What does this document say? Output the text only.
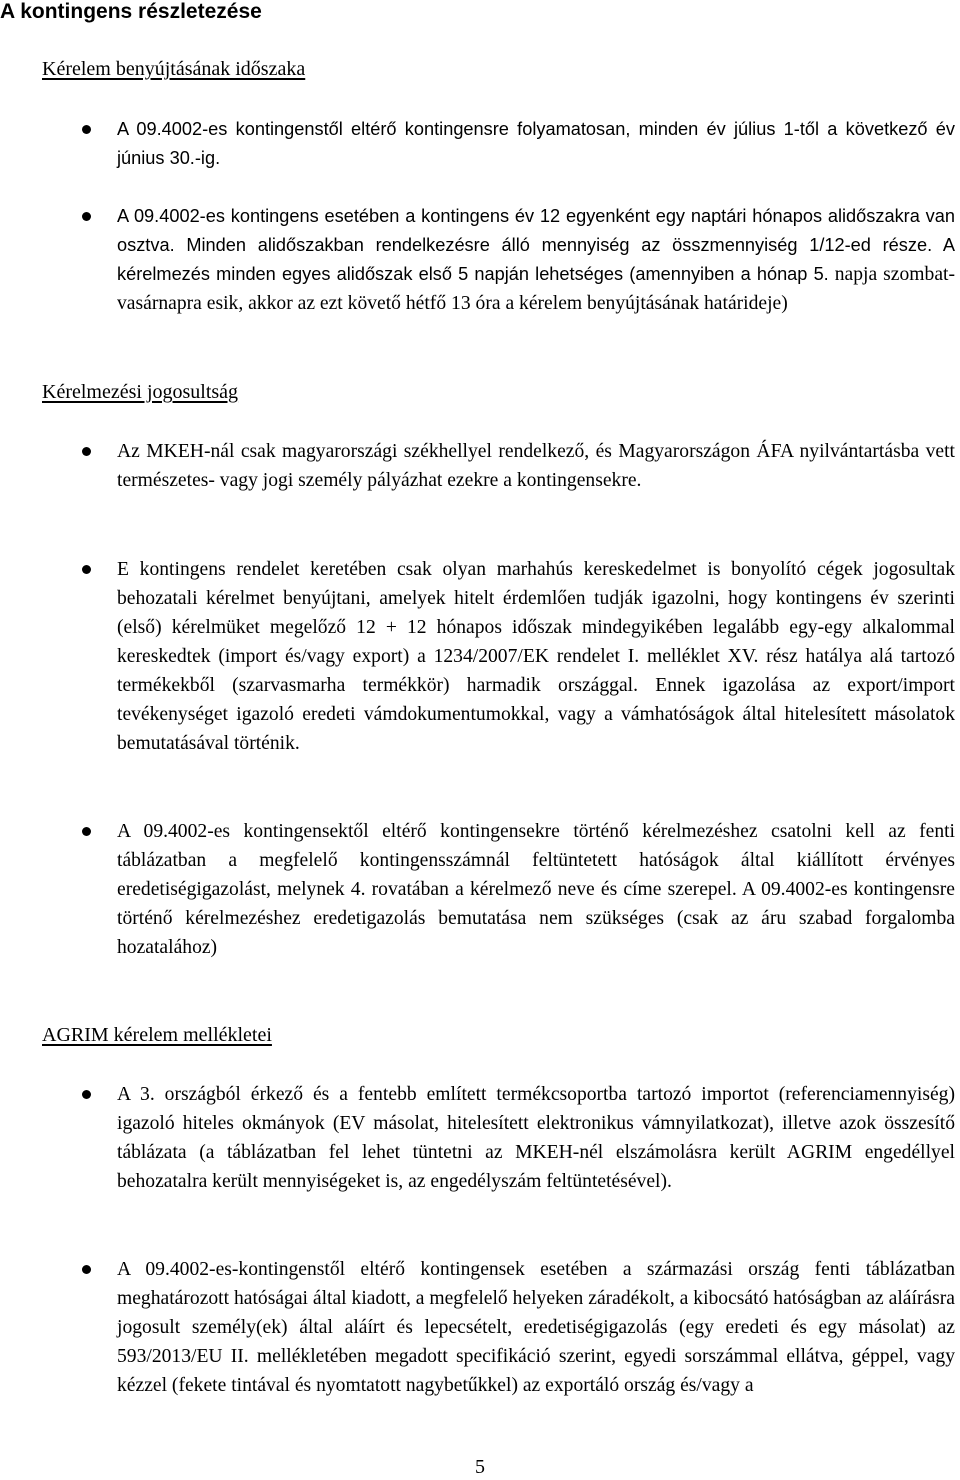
A kontingens részletezése
Kérelem benyújtásának időszaka

A 09.4002-es kontingenstől eltérő kontingensre folyamatosan, minden év július 1-től a következő év június 30.-ig.

A 09.4002-es kontingens esetében a kontingens év 12 egyenként egy naptári hónapos alidőszakra van osztva. Minden alidőszakban rendelkezésre álló mennyiség az összmennyiség 1/12-ed része. A kérelmezés minden egyes alidőszak első 5 napján lehetséges (amennyiben a hónap 5. napja szombat-vasárnapra esik, akkor az ezt követő hétfő 13 óra a kérelem benyújtásának határideje)

Kérelmezési jogosultság

Az MKEH-nál csak magyarországi székhellyel rendelkező, és Magyarországon ÁFA nyilvántartásba vett természetes- vagy jogi személy pályázhat ezekre a kontingensekre.

E kontingens rendelet keretében csak olyan marhahús kereskedelmet is bonyolító cégek jogosultak behozatali kérelmet benyújtani, amelyek hitelt érdemlően tudják igazolni, hogy kontingens év szerinti (első) kérelmüket megelőző 12 + 12 hónapos időszak mindegyikében legalább egy-egy alkalommal kereskedtek (import és/vagy export) a 1234/2007/EK rendelet I. melléklet XV. rész hatálya alá tartozó termékekből (szarvasmarha termékkör) harmadik országgal. Ennek igazolása az export/import tevékenységet igazoló eredeti vámdokumentumokkal, vagy a vámhatóságok által hitelesített másolatok bemutatásával történik.

A 09.4002-es kontingensektől eltérő kontingensekre történő kérelmezéshez csatolni kell az fenti táblázatban a megfelelő kontingensszámnál feltüntetett hatóságok által kiállított érvényes eredetiségigazolást, melynek 4. rovatában a kérelmező neve és címe szerepel. A 09.4002-es kontingensre történő kérelmezéshez eredetigazolás bemutatása nem szükséges (csak az áru szabad forgalomba hozatalához)

AGRIM kérelem mellékletei

A 3. országból érkező és a fentebb említett termékcsoportba tartozó importot (referenciamennyiség) igazoló hiteles okmányok (EV másolat, hitelesített elektronikus vámnyilatkozat), illetve azok összesítő táblázata (a táblázatban fel lehet tüntetni az MKEH-nél elszámolásra került AGRIM engedéllyel behozatalra került mennyiségeket is, az engedélyszám feltüntetésével).

A 09.4002-es-kontingenstől eltérő kontingensek esetében a származási ország fenti táblázatban meghatározott hatóságai által kiadott, a megfelelő helyeken záradékolt, a kibocsátó hatóságban az aláírásra jogosult személy(ek) által aláírt és lepecsételt, eredetiségigazolás (egy eredeti és egy másolat) az 593/2013/EU II. mellékletében megadott specifikáció szerint, egyedi sorszámmal ellátva, géppel, vagy kézzel (fekete tintával és nyomtatott nagybetűkkel) az exportáló ország és/vagy a

5
